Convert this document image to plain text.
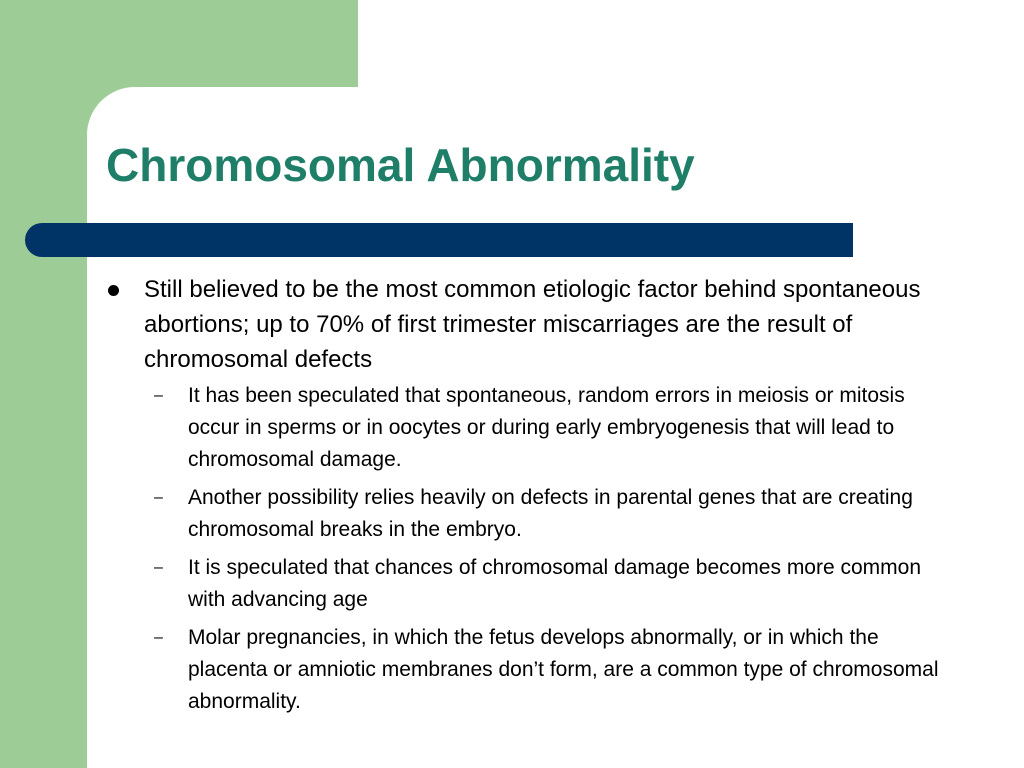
Chromosomal Abnormality
Still believed to be the most common etiologic factor behind spontaneous abortions; up to 70% of first trimester miscarriages are the result of chromosomal defects
– It has been speculated that spontaneous, random errors in meiosis or mitosis occur in sperms or in oocytes or during early embryogenesis that will lead to chromosomal damage.
– Another possibility relies heavily on defects in parental genes that are creating chromosomal breaks in the embryo.
– It is speculated that chances of chromosomal damage becomes more common with advancing age
– Molar pregnancies, in which the fetus develops abnormally, or in which the placenta or amniotic membranes don’t form, are a common type of chromosomal abnormality.
